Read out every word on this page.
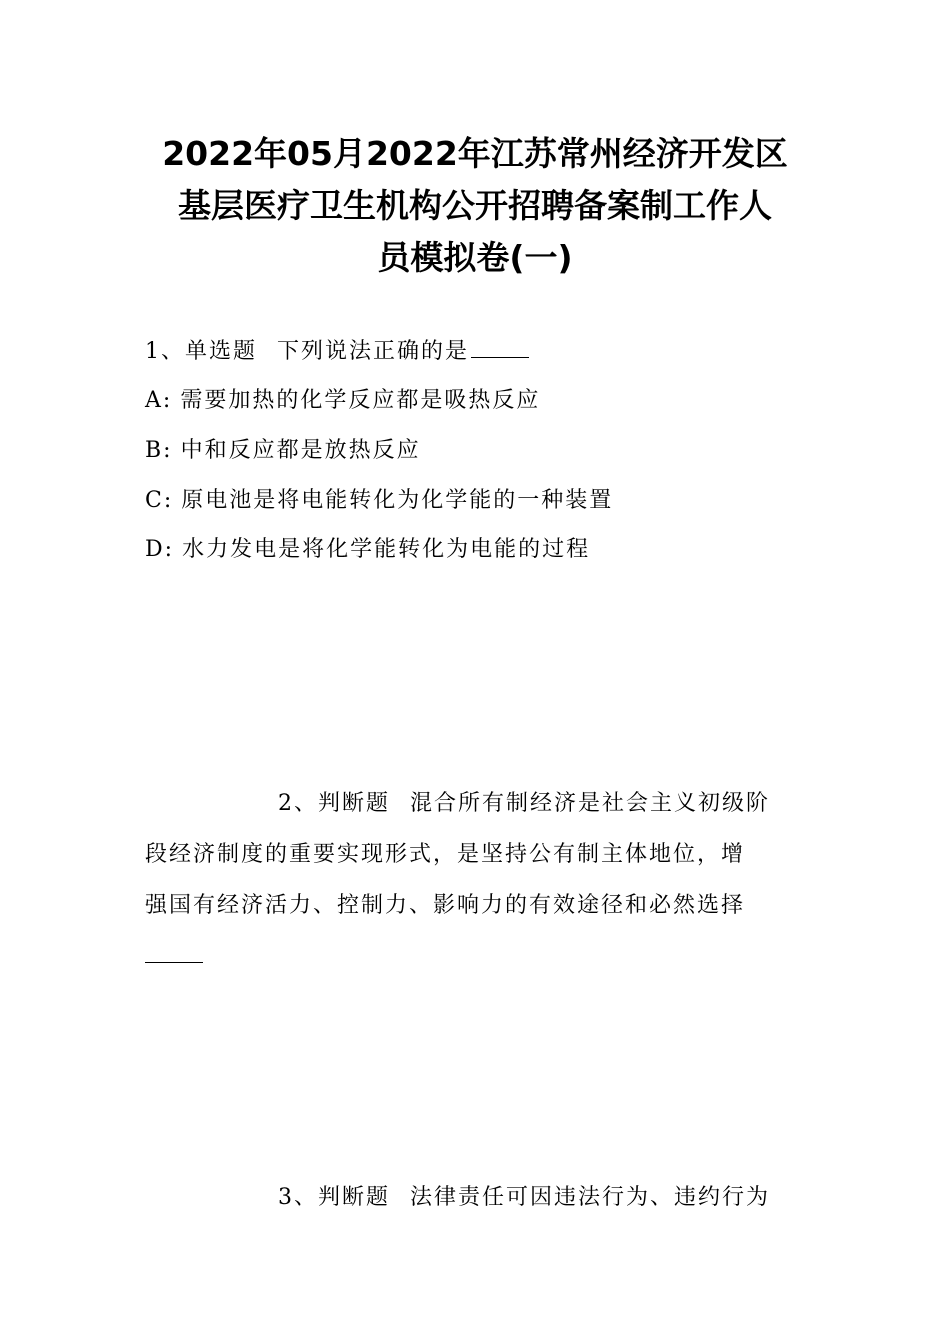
2022年05月2022年江苏常州经济开发区
基层医疗卫生机构公开招聘备案制工作人
员模拟卷(一)
1、单选题 下列说法正确的是
A: 需要加热的化学反应都是吸热反应
B: 中和反应都是放热反应
C: 原电池是将电能转化为化学能的一种装置
D: 水力发电是将化学能转化为电能的过程
2、判断题 混合所有制经济是社会主义初级阶
段经济制度的重要实现形式，是坚持公有制主体地位，增
强国有经济活力、控制力、影响力的有效途径和必然选择
3、判断题 法律责任可因违法行为、违约行为
